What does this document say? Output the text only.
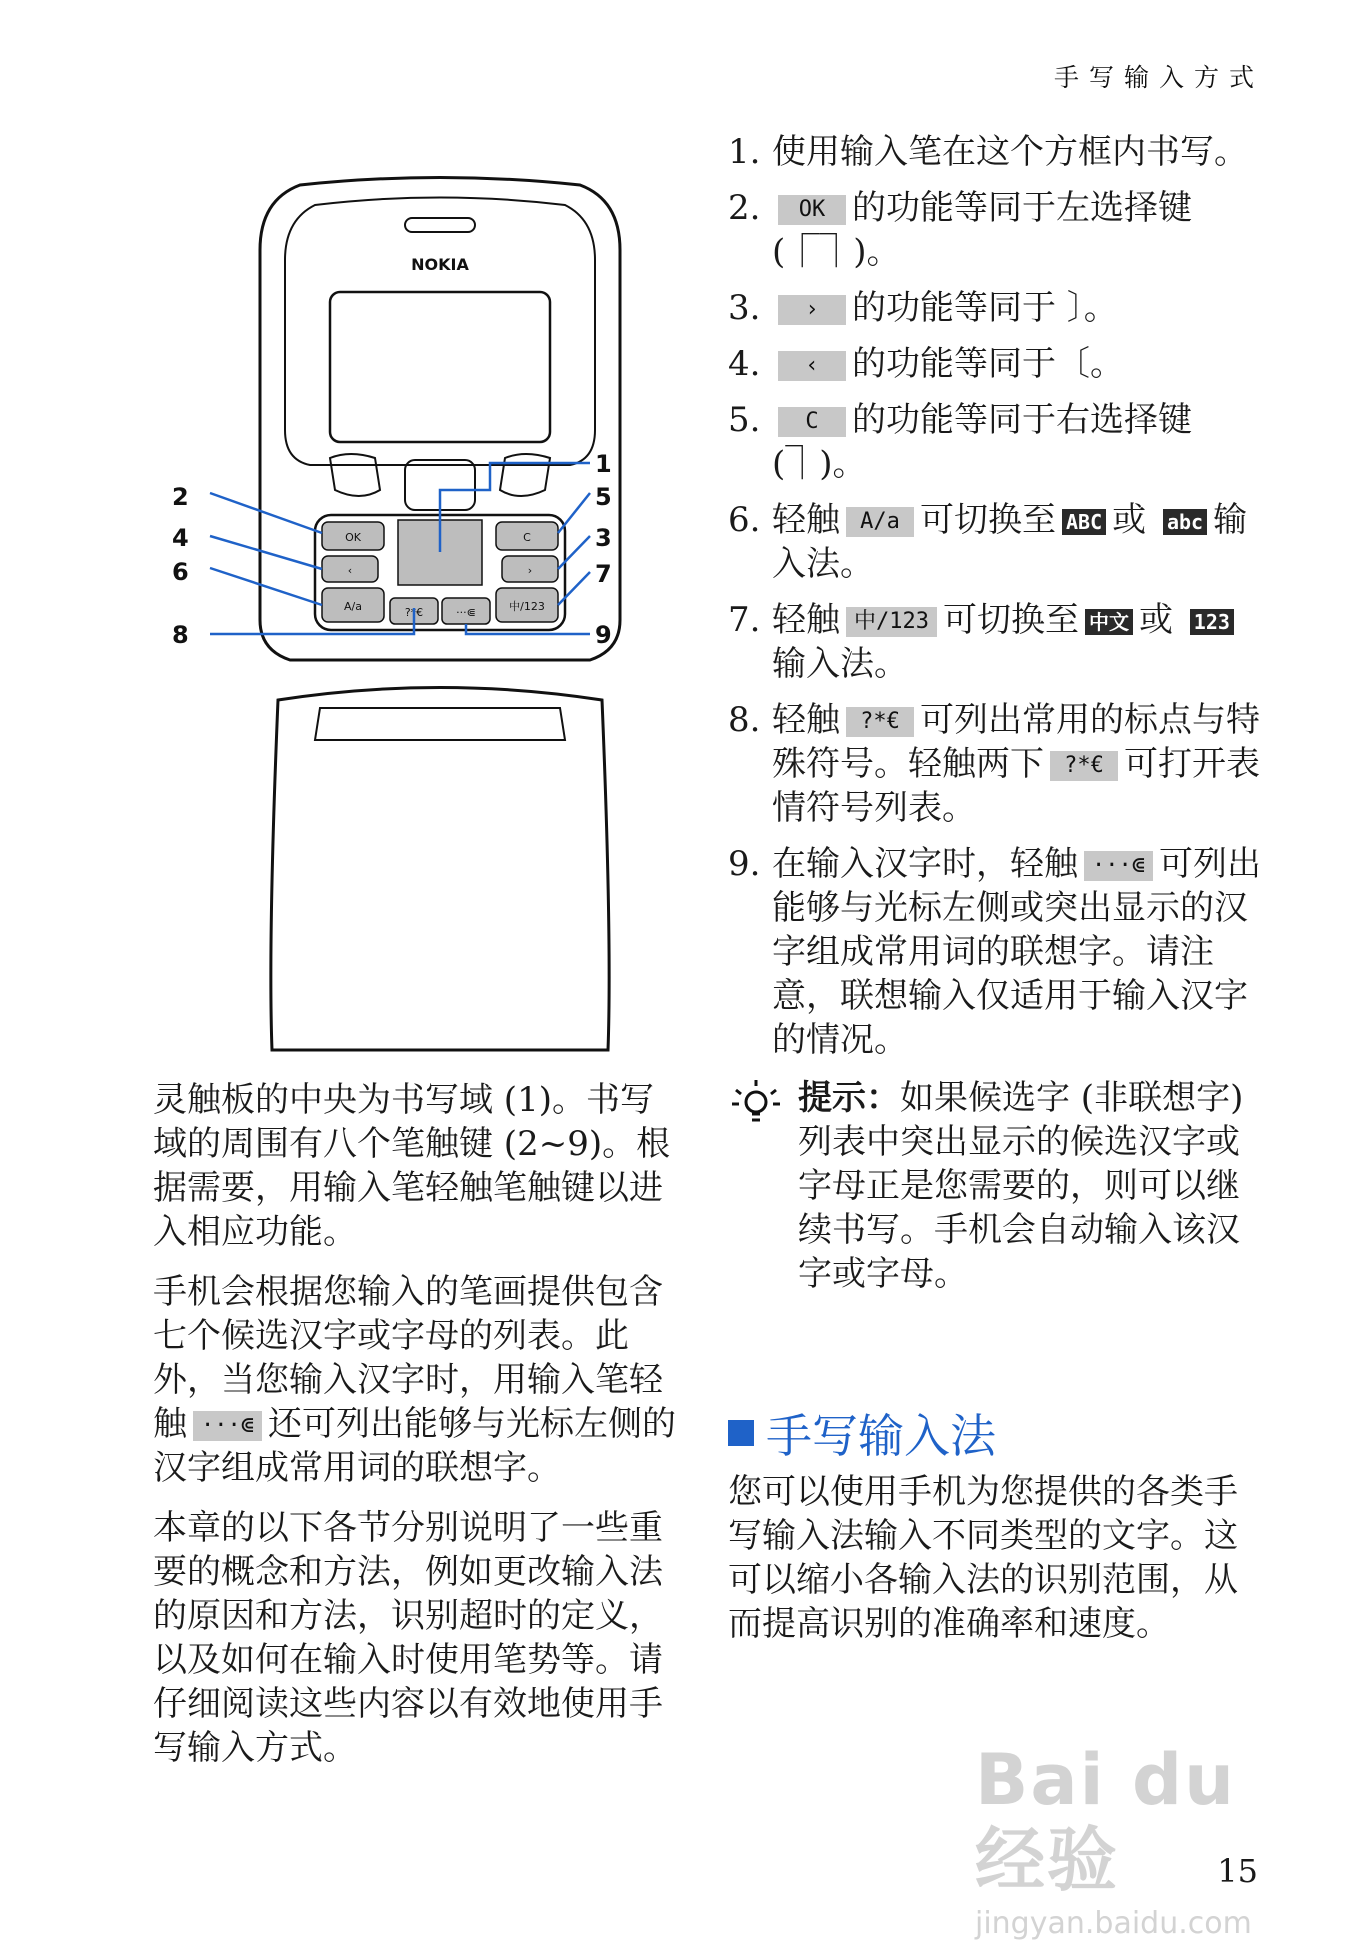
手写输入方式
NOKIA
OK	C
‹	›
A/a	中/123
?*€	···⋐
1
2
3
4
5
6	7
8	9

灵触板的中央为书写域 (1)。书写域的周围有八个笔触键 (2~9)。根据需要，用输入笔轻触笔触键以进入相应功能。

手机会根据您输入的笔画提供包含七个候选汉字或字母的列表。此外，当您输入汉字时，用输入笔轻触 ···⋐ 还可列出能够与光标左侧的汉字组成常用词的联想字。

本章的以下各节分别说明了一些重要的概念和方法，例如更改输入法的原因和方法，识别超时的定义，以及如何在输入时使用笔势等。请仔细阅读这些内容以有效地使用手写输入方式。

1. 使用输入笔在这个方框内书写。
2.	OK 的功能等同于左选择键 (⎾⏋)。
3.	› 的功能等同于 〕。
4.	‹ 的功能等同于〔。
5.	C 的功能等同于右选择键 (⏋)。
6. 轻触 A/a 可切换至 ABC 或 abc 输入法。
7. 轻触 中/123 可切换至 中文 或 123输入法。
8. 轻触 ?*€ 可列出常用的标点与特殊符号。轻触两下 ?*€ 可打开表情符号列表。
9. 在输入汉字时，轻触 ···⋐ 可列出能够与光标左侧或突出显示的汉字组成常用词的联想字。请注意，联想输入仅适用于输入汉字的情况。
提示：如果候选字 (非联想字) 列表中突出显示的候选汉字或字母正是您需要的，则可以继续书写。手机会自动输入该汉字或字母。
手写输入法
您可以使用手机为您提供的各类手写输入法输入不同类型的文字。这可以缩小各输入法的识别范围，从而提高识别的准确率和速度。
Bai du 经验
jingyan.baidu.com
15
